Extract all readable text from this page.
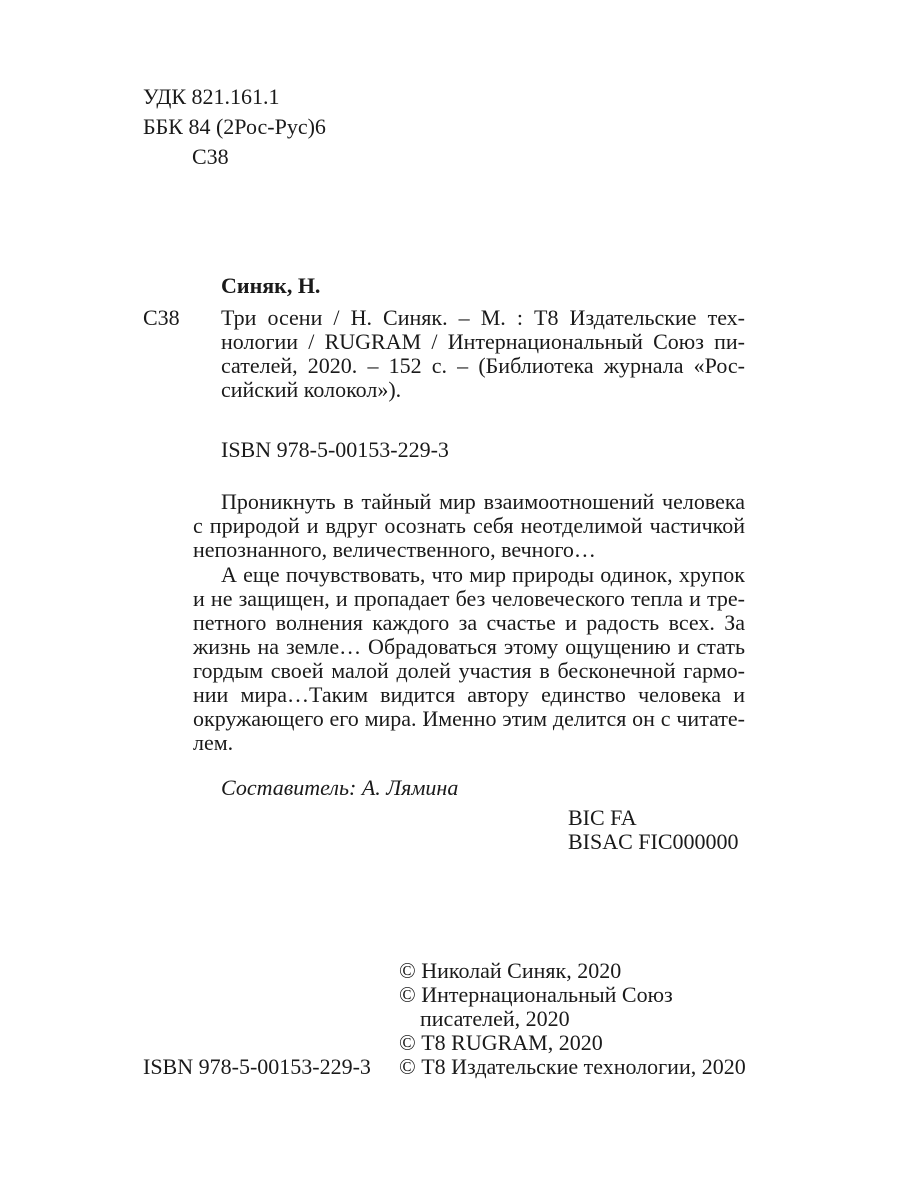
УДК 821.161.1
ББК 84 (2Рос-Рус)6
С38
Синяк, Н.
С38 Три осени / Н. Синяк. – М. : Т8 Издательские тех-
нологии / RUGRAM / Интернациональный Союз пи-
сателей, 2020. – 152 с. – (Библиотека журнала «Рос-
сийский колокол»).
ISBN 978-5-00153-229-3
Проникнуть в тайный мир взаимоотношений человека
с природой и вдруг осознать себя неотделимой частичкой
непознанного, величественного, вечного…
А еще почувствовать, что мир природы одинок, хрупок
и не защищен, и пропадает без человеческого тепла и тре-
петного волнения каждого за счастье и радость всех. За
жизнь на земле… Обрадоваться этому ощущению и стать
гордым своей малой долей участия в бесконечной гармо-
нии мира…Таким видится автору единство человека и
окружающего его мира. Именно этим делится он с читате-
лем.
Составитель: А. Лямина
BIC FA
BISAC FIC000000
© Николай Синяк, 2020
© Интернациональный Союз
писателей, 2020
© Т8 RUGRAM, 2020
© Т8 Издательские технологии, 2020
ISBN 978-5-00153-229-3
